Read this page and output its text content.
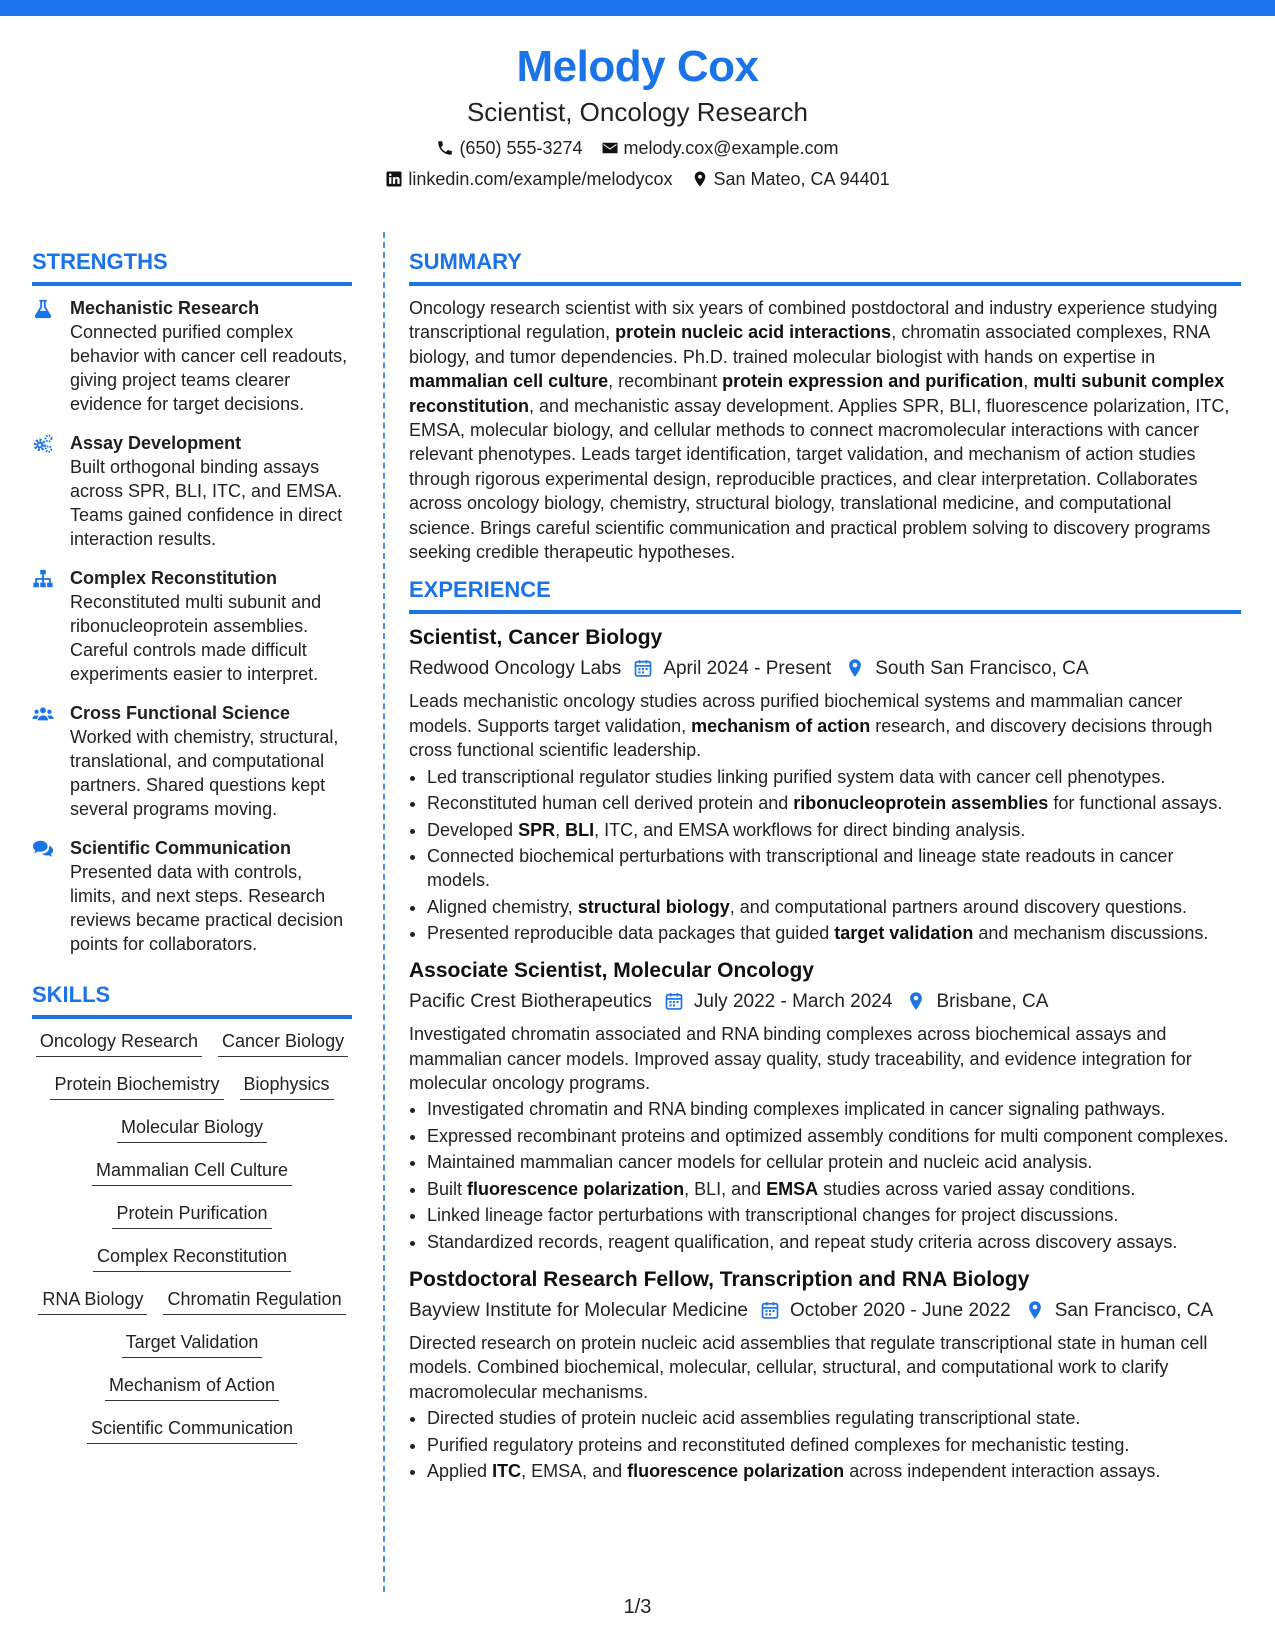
Melody Cox
Scientist, Oncology Research
(650) 555-3274 melody.cox@example.com
linkedin.com/example/melodycox San Mateo, CA 94401
STRENGTHS
Mechanistic Research
Connected purified complex behavior with cancer cell readouts, giving project teams clearer evidence for target decisions.
Assay Development
Built orthogonal binding assays across SPR, BLI, ITC, and EMSA. Teams gained confidence in direct interaction results.
Complex Reconstitution
Reconstituted multi subunit and ribonucleoprotein assemblies. Careful controls made difficult experiments easier to interpret.
Cross Functional Science
Worked with chemistry, structural, translational, and computational partners. Shared questions kept several programs moving.
Scientific Communication
Presented data with controls, limits, and next steps. Research reviews became practical decision points for collaborators.
SKILLS
Oncology Research Cancer Biology
Protein Biochemistry Biophysics
Molecular Biology
Mammalian Cell Culture
Protein Purification
Complex Reconstitution
RNA Biology Chromatin Regulation
Target Validation
Mechanism of Action
Scientific Communication
SUMMARY
Oncology research scientist with six years of combined postdoctoral and industry experience studying transcriptional regulation, protein nucleic acid interactions, chromatin associated complexes, RNA biology, and tumor dependencies. Ph.D. trained molecular biologist with hands on expertise in mammalian cell culture, recombinant protein expression and purification, multi subunit complex reconstitution, and mechanistic assay development. Applies SPR, BLI, fluorescence polarization, ITC, EMSA, molecular biology, and cellular methods to connect macromolecular interactions with cancer relevant phenotypes. Leads target identification, target validation, and mechanism of action studies through rigorous experimental design, reproducible practices, and clear interpretation. Collaborates across oncology biology, chemistry, structural biology, translational medicine, and computational science. Brings careful scientific communication and practical problem solving to discovery programs seeking credible therapeutic hypotheses.
EXPERIENCE
Scientist, Cancer Biology
Redwood Oncology Labs April 2024 - Present South San Francisco, CA
Leads mechanistic oncology studies across purified biochemical systems and mammalian cancer models. Supports target validation, mechanism of action research, and discovery decisions through cross functional scientific leadership.
• Led transcriptional regulator studies linking purified system data with cancer cell phenotypes.
• Reconstituted human cell derived protein and ribonucleoprotein assemblies for functional assays.
• Developed SPR, BLI, ITC, and EMSA workflows for direct binding analysis.
• Connected biochemical perturbations with transcriptional and lineage state readouts in cancer models.
• Aligned chemistry, structural biology, and computational partners around discovery questions.
• Presented reproducible data packages that guided target validation and mechanism discussions.
Associate Scientist, Molecular Oncology
Pacific Crest Biotherapeutics July 2022 - March 2024 Brisbane, CA
Investigated chromatin associated and RNA binding complexes across biochemical assays and mammalian cancer models. Improved assay quality, study traceability, and evidence integration for molecular oncology programs.
• Investigated chromatin and RNA binding complexes implicated in cancer signaling pathways.
• Expressed recombinant proteins and optimized assembly conditions for multi component complexes.
• Maintained mammalian cancer models for cellular protein and nucleic acid analysis.
• Built fluorescence polarization, BLI, and EMSA studies across varied assay conditions.
• Linked lineage factor perturbations with transcriptional changes for project discussions.
• Standardized records, reagent qualification, and repeat study criteria across discovery assays.
Postdoctoral Research Fellow, Transcription and RNA Biology
Bayview Institute for Molecular Medicine October 2020 - June 2022 San Francisco, CA
Directed research on protein nucleic acid assemblies that regulate transcriptional state in human cell models. Combined biochemical, molecular, cellular, structural, and computational work to clarify macromolecular mechanisms.
• Directed studies of protein nucleic acid assemblies regulating transcriptional state.
• Purified regulatory proteins and reconstituted defined complexes for mechanistic testing.
• Applied ITC, EMSA, and fluorescence polarization across independent interaction assays.
1/3
